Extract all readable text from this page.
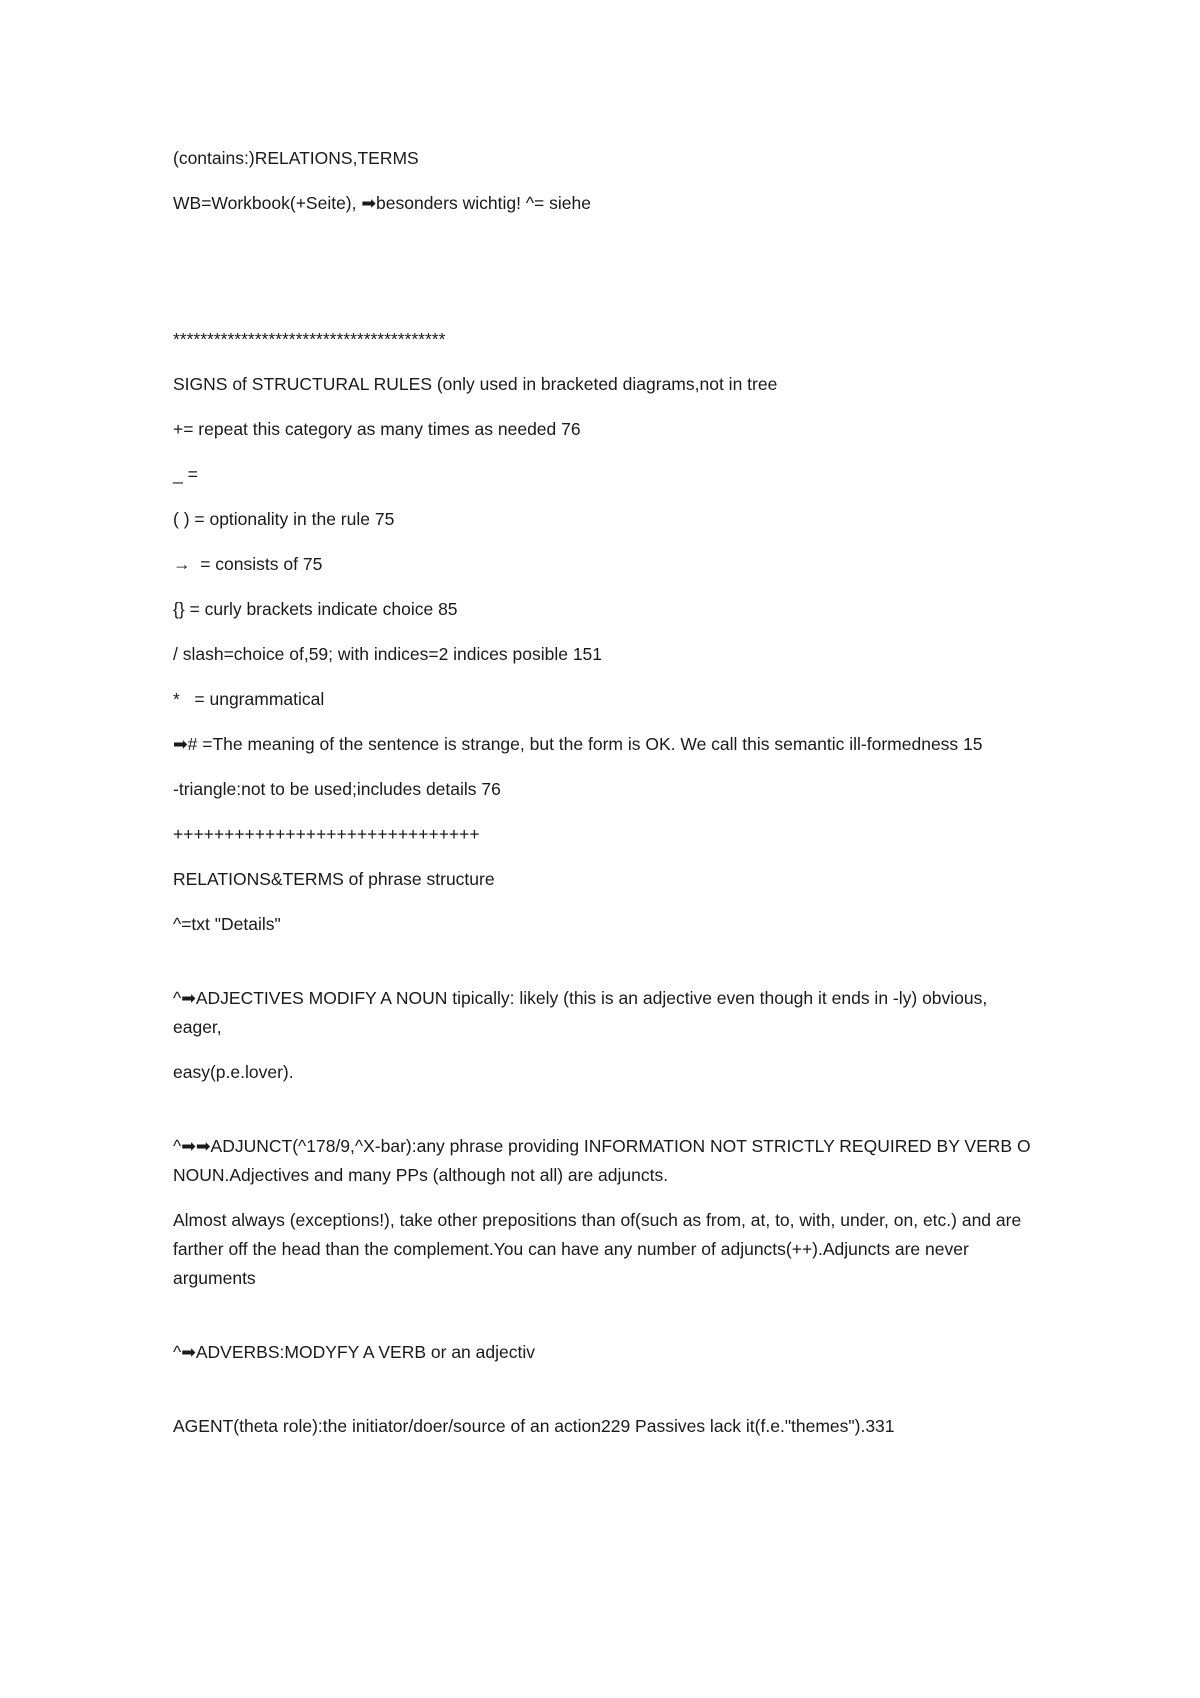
(contains:)RELATIONS,TERMS

WB=Workbook(+Seite), ➡besonders wichtig! ^= siehe

****************************************

SIGNS of STRUCTURAL RULES (only used in bracketed diagrams,not in tree

+= repeat this category as many times as needed 76

_ =

( ) = optionality in the rule 75

→  = consists of 75

{} = curly brackets indicate choice 85

/ slash=choice of,59; with indices=2 indices posible 151

*   = ungrammatical

➡# =The meaning of the sentence is strange, but the form is OK. We call this semantic ill-formedness 15

-triangle:not to be used;includes details 76

++++++++++++++++++++++++++++++

RELATIONS&TERMS of phrase structure

^=txt "Details"

^➡ADJECTIVES MODIFY A NOUN tipically: likely (this is an adjective even though it ends in -ly) obvious, eager,

easy(p.e.lover).

^➡➡ADJUNCT(^178/9,^X-bar):any phrase providing INFORMATION NOT STRICTLY REQUIRED BY VERB O NOUN.Adjectives and many PPs (although not all) are adjuncts.

Almost always (exceptions!), take other prepositions than of(such as from, at, to, with, under, on, etc.) and are farther off the head than the complement.You can have any number of adjuncts(++).Adjuncts are never arguments

^➡ADVERBS:MODYFY A VERB or an adjectiv

AGENT(theta role):the initiator/doer/source of an action229 Passives lack it(f.e."themes").331
